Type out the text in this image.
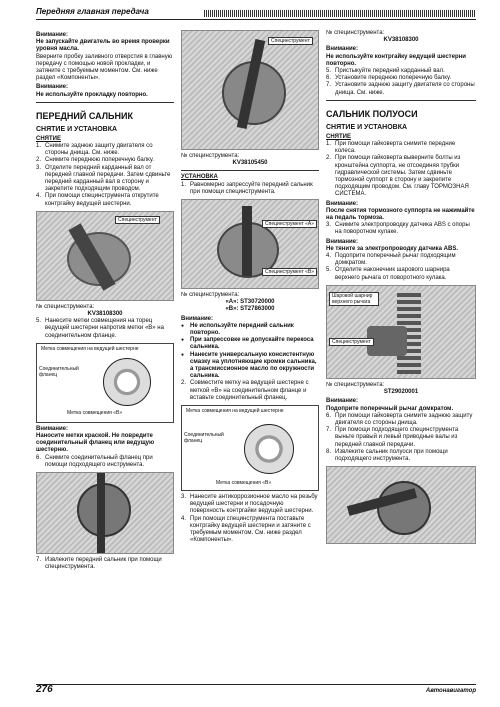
Передняя главная передача
Внимание:
Не запускайте двигатель во время проверки уровня масла.
Вверните пробку заливного отверстия в главную передачу с помощью новой прокладки, и затяните с требуемым моментом. См. ниже раздел «Компоненты».
Внимание:
Не используйте прокладку повторно.
ПЕРЕДНИЙ САЛЬНИК
СНЯТИЕ И УСТАНОВКА
СНЯТИЕ
1. Снимите заднюю защиту двигателя со стороны днища. См. ниже.
2. Снимите переднюю поперечную балку.
3. Отделите передний карданный вал от передней главной передачи. Затем сдвиньте передний карданный вал в сторону и закрепите подходящим проводом.
4. При помощи специнструмента открутите контргайку ведущей шестерни.
Специнструмент
№ специнструмента:
KV38108300
5. Нанесите метки совмещения на торец ведущей шестерни напротив метки «В» на соединительном фланце.
Метка совмещения на ведущей шестерне
Соединительный фланец
Метка совмещения «В»
Внимание:
Наносите метки краской. Не повредите соединительный фланец или ведущую шестерню.
6. Снимите соединительный фланец при помощи подходящего инструмента.
7. Извлеките передний сальник при помощи специнструмента.
Специнструмент
№ специнструмента:
KV38105450
УСТАНОВКА
1. Равномерно запрессуйте передний сальник при помощи специнструмента.
Специнструмент «А»
Специнструмент «В»
№ специнструмента:
«А»: ST30720000
«В»: ST27863000
Внимание:
● Не используйте передний сальник повторно.
● При запрессовке не допускайте перекоса сальника.
● Нанесите универсальную консистентную смазку на уплотняющие кромки сальника, а трансмиссионное масло по окружности сальника.
2. Совместите метку на ведущей шестерне с меткой «В» на соединительном фланце и вставьте соединительный фланец.
Метка совмещения на ведущей шестерне
Соединительный фланец
Метка совмещения «В»
3. Нанесите антикоррозионное масло на резьбу ведущей шестерни и посадочную поверхность контргайки ведущей шестерни.
4. При помощи специнструмента поставьте контргайку ведущей шестерни и затяните с требуемым моментом. См. ниже раздел «Компоненты».
№ специнструмента:
KV38108300
Внимание:
Не используйте контргайку ведущей шестерни повторно.
5. Пристыкуйте передний карданный вал.
6. Установите переднюю поперечную балку.
7. Установите заднюю защиту двигателя со стороны днища. См. ниже.
САЛЬНИК ПОЛУОСИ
СНЯТИЕ И УСТАНОВКА
СНЯТИЕ
1. При помощи гайковерта снимите передние колеса.
2. При помощи гайковерта выверните болты из кронштейна суппорта, не отсоединяя трубки гидравлической системы. Затем сдвиньте тормозной суппорт в сторону и закрепите подходящим проводом. См. главу ТОРМОЗНАЯ СИСТЕМА.
Внимание:
После снятия тормозного суппорта не нажимайте на педаль тормоза.
3. Снимите электропроводку датчика ABS с опоры на поворотном кулаке.
Внимание:
Не тяните за электропроводку датчика ABS.
4. Подоприте поперечный рычаг подходящим домкратом.
5. Отделите наконечник шарового шарнира верхнего рычага от поворотного кулака.
Шаровой шарнир верхнего рычага
Специнструмент
№ специнструмента:
ST29020001
Внимание:
Подоприте поперечный рычаг домкратом.
6. При помощи гайковерта снимите заднюю защиту двигателя со стороны днища.
7. При помощи подходящего специнструмента выньте правый и левый приводные валы из передней главной передачи.
8. Извлеките сальник полуоси при помощи подходящего инструмента.
276	Автонавигатор
